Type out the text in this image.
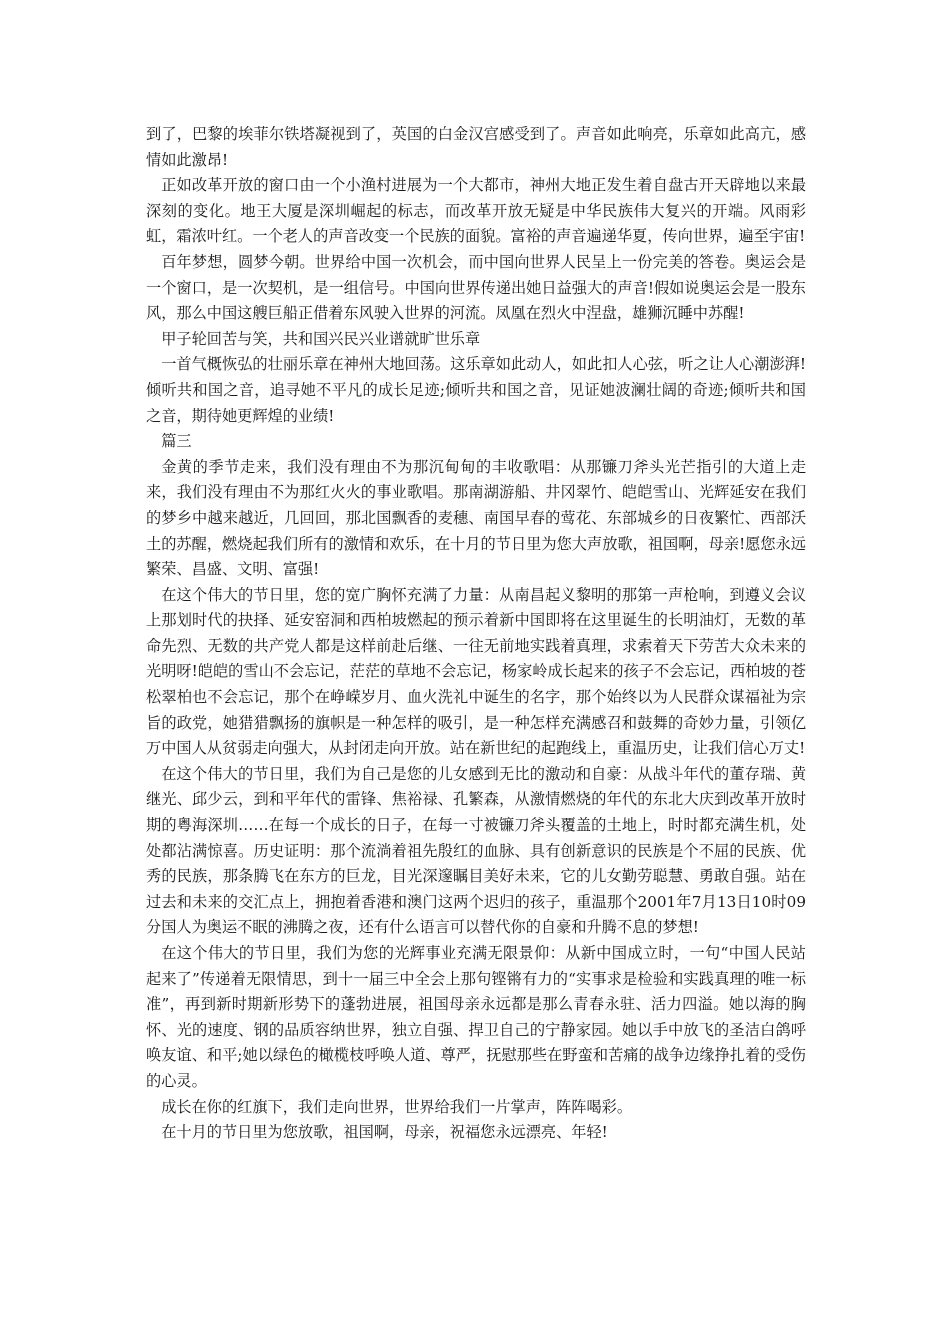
到了，巴黎的埃菲尔铁塔凝视到了，英国的白金汉宫感受到了。声音如此响亮，乐章如此高亢，感情如此激昂!

正如改革开放的窗口由一个小渔村进展为一个大都市，神州大地正发生着自盘古开天辟地以来最深刻的变化。地王大厦是深圳崛起的标志，而改革开放无疑是中华民族伟大复兴的开端。风雨彩虹，霜浓叶红。一个老人的声音改变一个民族的面貌。富裕的声音遍递华夏，传向世界，遍至宇宙!

百年梦想，圆梦今朝。世界给中国一次机会，而中国向世界人民呈上一份完美的答卷。奥运会是一个窗口，是一次契机，是一组信号。中国向世界传递出她日益强大的声音!假如说奥运会是一股东风，那么中国这艘巨船正借着东风驶入世界的河流。凤凰在烈火中涅盘，雄狮沉睡中苏醒!

甲子轮回苦与笑，共和国兴民兴业谱就旷世乐章

一首气概恢弘的壮丽乐章在神州大地回荡。这乐章如此动人，如此扣人心弦，听之让人心潮澎湃!倾听共和国之音，追寻她不平凡的成长足迹;倾听共和国之音，见证她波澜壮阔的奇迹;倾听共和国之音，期待她更辉煌的业绩!

篇三

金黄的季节走来，我们没有理由不为那沉甸甸的丰收歌唱：从那镰刀斧头光芒指引的大道上走来，我们没有理由不为那红火火的事业歌唱。那南湖游船、井冈翠竹、皑皑雪山、光辉延安在我们的梦乡中越来越近，几回回，那北国飘香的麦穗、南国早春的莺花、东部城乡的日夜繁忙、西部沃土的苏醒，燃烧起我们所有的激情和欢乐，在十月的节日里为您大声放歌，祖国啊，母亲!愿您永远繁荣、昌盛、文明、富强!

在这个伟大的节日里，您的宽广胸怀充满了力量：从南昌起义黎明的那第一声枪响，到遵义会议上那划时代的抉择、延安窑洞和西柏坡燃起的预示着新中国即将在这里诞生的长明油灯，无数的革命先烈、无数的共产党人都是这样前赴后继、一往无前地实践着真理，求索着天下劳苦大众未来的光明呀!皑皑的雪山不会忘记，茫茫的草地不会忘记，杨家岭成长起来的孩子不会忘记，西柏坡的苍松翠柏也不会忘记，那个在峥嵘岁月、血火洗礼中诞生的名字，那个始终以为人民群众谋福祉为宗旨的政党，她猎猎飘扬的旗帜是一种怎样的吸引，是一种怎样充满感召和鼓舞的奇妙力量，引领亿万中国人从贫弱走向强大，从封闭走向开放。站在新世纪的起跑线上，重温历史，让我们信心万丈!

在这个伟大的节日里，我们为自己是您的儿女感到无比的激动和自豪：从战斗年代的董存瑞、黄继光、邱少云，到和平年代的雷锋、焦裕禄、孔繁森，从激情燃烧的年代的东北大庆到改革开放时期的粤海深圳……在每一个成长的日子，在每一寸被镰刀斧头覆盖的土地上，时时都充满生机，处处都沾满惊喜。历史证明：那个流淌着祖先殷红的血脉、具有创新意识的民族是个不屈的民族、优秀的民族，那条腾飞在东方的巨龙，目光深邃瞩目美好未来，它的儿女勤劳聪慧、勇敢自强。站在过去和未来的交汇点上，拥抱着香港和澳门这两个迟归的孩子，重温那个2001年7月13日10时09分国人为奥运不眠的沸腾之夜，还有什么语言可以替代你的自豪和升腾不息的梦想!

在这个伟大的节日里，我们为您的光辉事业充满无限景仰：从新中国成立时，一句“中国人民站起来了”传递着无限情思，到十一届三中全会上那句铿锵有力的“实事求是检验和实践真理的唯一标准”，再到新时期新形势下的蓬勃进展，祖国母亲永远都是那么青春永驻、活力四溢。她以海的胸怀、光的速度、钢的品质容纳世界，独立自强、捍卫自己的宁静家园。她以手中放飞的圣洁白鸽呼唤友谊、和平;她以绿色的橄榄枝呼唤人道、尊严，抚慰那些在野蛮和苦痛的战争边缘挣扎着的受伤的心灵。

成长在你的红旗下，我们走向世界，世界给我们一片掌声，阵阵喝彩。

在十月的节日里为您放歌，祖国啊，母亲，祝福您永远漂亮、年轻!
